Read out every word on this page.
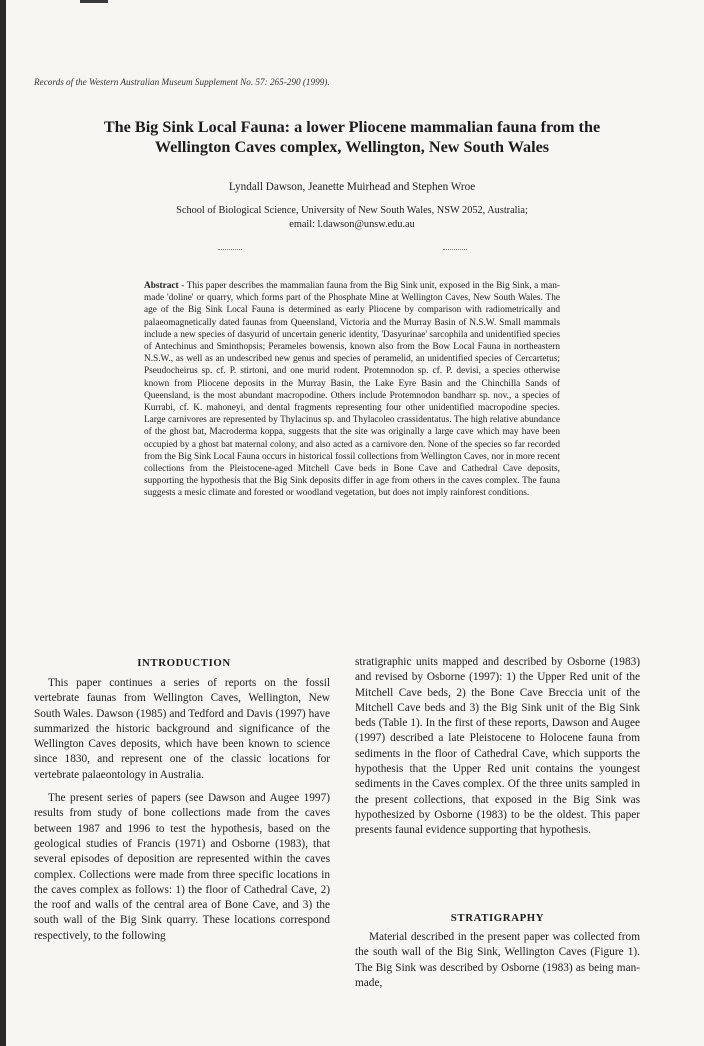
Records of the Western Australian Museum Supplement No. 57: 265-290 (1999).
The Big Sink Local Fauna: a lower Pliocene mammalian fauna from the
Wellington Caves complex, Wellington, New South Wales
Lyndall Dawson, Jeanette Muirhead and Stephen Wroe
School of Biological Science, University of New South Wales, NSW 2052, Australia;
email: l.dawson@unsw.edu.au
Abstract - This paper describes the mammalian fauna from the Big Sink unit, exposed in the Big Sink, a man-made 'doline' or quarry, which forms part of the Phosphate Mine at Wellington Caves, New South Wales. The age of the Big Sink Local Fauna is determined as early Pliocene by comparison with radiometrically and palaeomagnetically dated faunas from Queensland, Victoria and the Murray Basin of N.S.W. Small mammals include a new species of dasyurid of uncertain generic identity, 'Dasyurinae' sarcophila and unidentified species of Antechinus and Sminthopsis; Perameles bowensis, known also from the Bow Local Fauna in northeastern N.S.W., as well as an undescribed new genus and species of peramelid, an unidentified species of Cercartetus; Pseudocheirus sp. cf. P. stirtoni, and one murid rodent. Protemnodon sp. cf. P. devisi, a species otherwise known from Pliocene deposits in the Murray Basin, the Lake Eyre Basin and the Chinchilla Sands of Queensland, is the most abundant macropodine. Others include Protemnodon bandharr sp. nov., a species of Kurrabi, cf. K. mahoneyi, and dental fragments representing four other unidentified macropodine species. Large carnivores are represented by Thylacinus sp. and Thylacoleo crassidentatus. The high relative abundance of the ghost bat, Macroderma koppa, suggests that the site was originally a large cave which may have been occupied by a ghost bat maternal colony, and also acted as a carnivore den. None of the species so far recorded from the Big Sink Local Fauna occurs in historical fossil collections from Wellington Caves, nor in more recent collections from the Pleistocene-aged Mitchell Cave beds in Bone Cave and Cathedral Cave deposits, supporting the hypothesis that the Big Sink deposits differ in age from others in the caves complex. The fauna suggests a mesic climate and forested or woodland vegetation, but does not imply rainforest conditions.
INTRODUCTION

This paper continues a series of reports on the fossil vertebrate faunas from Wellington Caves, Wellington, New South Wales. Dawson (1985) and Tedford and Davis (1997) have summarized the historic background and significance of the Wellington Caves deposits, which have been known to science since 1830, and represent one of the classic locations for vertebrate palaeontology in Australia.

The present series of papers (see Dawson and Augee 1997) results from study of bone collections made from the caves between 1987 and 1996 to test the hypothesis, based on the geological studies of Francis (1971) and Osborne (1983), that several episodes of deposition are represented within the caves complex. Collections were made from three specific locations in the caves complex as follows: 1) the floor of Cathedral Cave, 2) the roof and walls of the central area of Bone Cave, and 3) the south wall of the Big Sink quarry. These locations correspond respectively, to the following

stratigraphic units mapped and described by Osborne (1983) and revised by Osborne (1997): 1) the Upper Red unit of the Mitchell Cave beds, 2) the Bone Cave Breccia unit of the Mitchell Cave beds and 3) the Big Sink unit of the Big Sink beds (Table 1). In the first of these reports, Dawson and Augee (1997) described a late Pleistocene to Holocene fauna from sediments in the floor of Cathedral Cave, which supports the hypothesis that the Upper Red unit contains the youngest sediments in the Caves complex. Of the three units sampled in the present collections, that exposed in the Big Sink was hypothesized by Osborne (1983) to be the oldest. This paper presents faunal evidence supporting that hypothesis.

STRATIGRAPHY

Material described in the present paper was collected from the south wall of the Big Sink, Wellington Caves (Figure 1). The Big Sink was described by Osborne (1983) as being man-made,
